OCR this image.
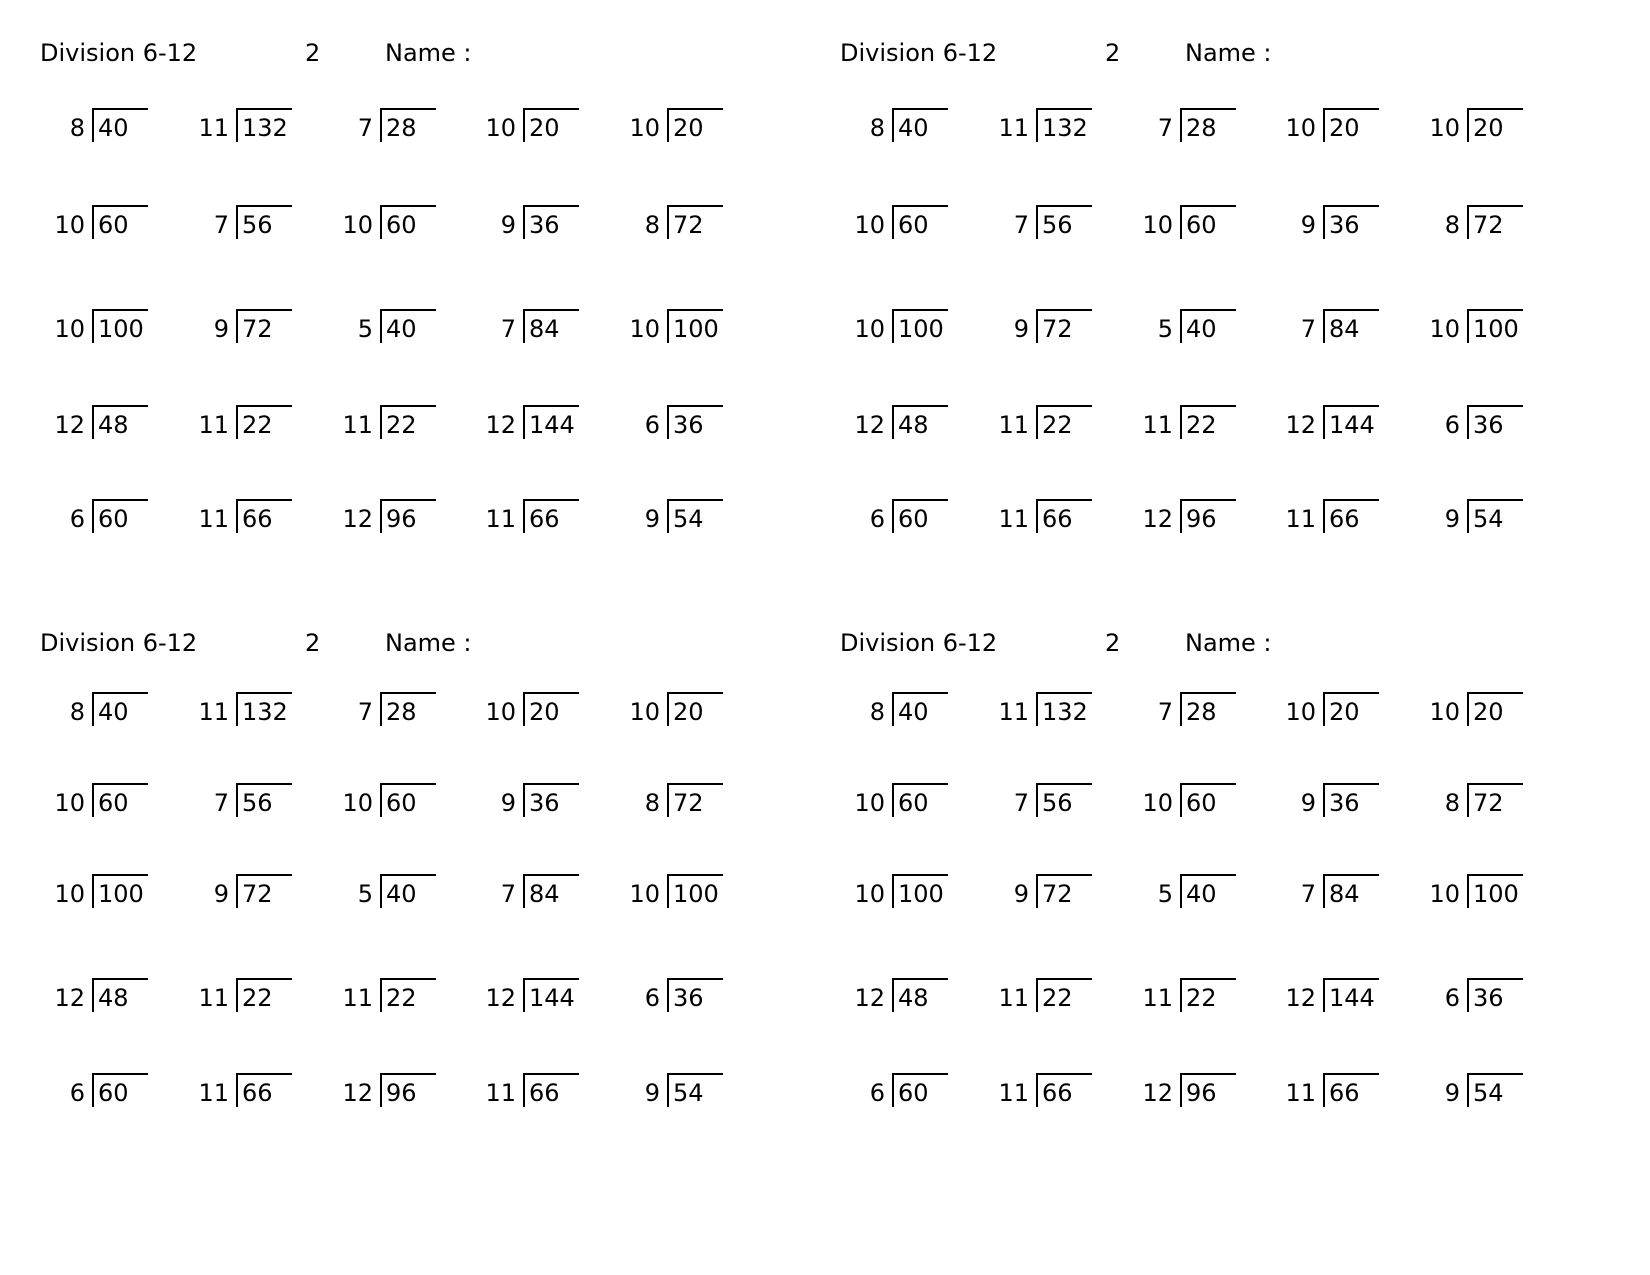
Division 6-12	2	Name :
8 40	11 132	7 28	10 20	10 20
10 60	7 56	10 60	9 36	8 72
10 100	9 72	5 40	7 84	10 100
12 48	11 22	11 22	12 144	6 36
6 60	11 66	12 96	11 66	9 54
Division 6-12	2	Name :
8 40	11 132	7 28	10 20	10 20
10 60	7 56	10 60	9 36	8 72
10 100	9 72	5 40	7 84	10 100
12 48	11 22	11 22	12 144	6 36
6 60	11 66	12 96	11 66	9 54
Division 6-12	2	Name :
8 40	11 132	7 28	10 20	10 20
10 60	7 56	10 60	9 36	8 72
10 100	9 72	5 40	7 84	10 100
12 48	11 22	11 22	12 144	6 36
6 60	11 66	12 96	11 66	9 54
Division 6-12	2	Name :
8 40	11 132	7 28	10 20	10 20
10 60	7 56	10 60	9 36	8 72
10 100	9 72	5 40	7 84	10 100
12 48	11 22	11 22	12 144	6 36
6 60	11 66	12 96	11 66	9 54
